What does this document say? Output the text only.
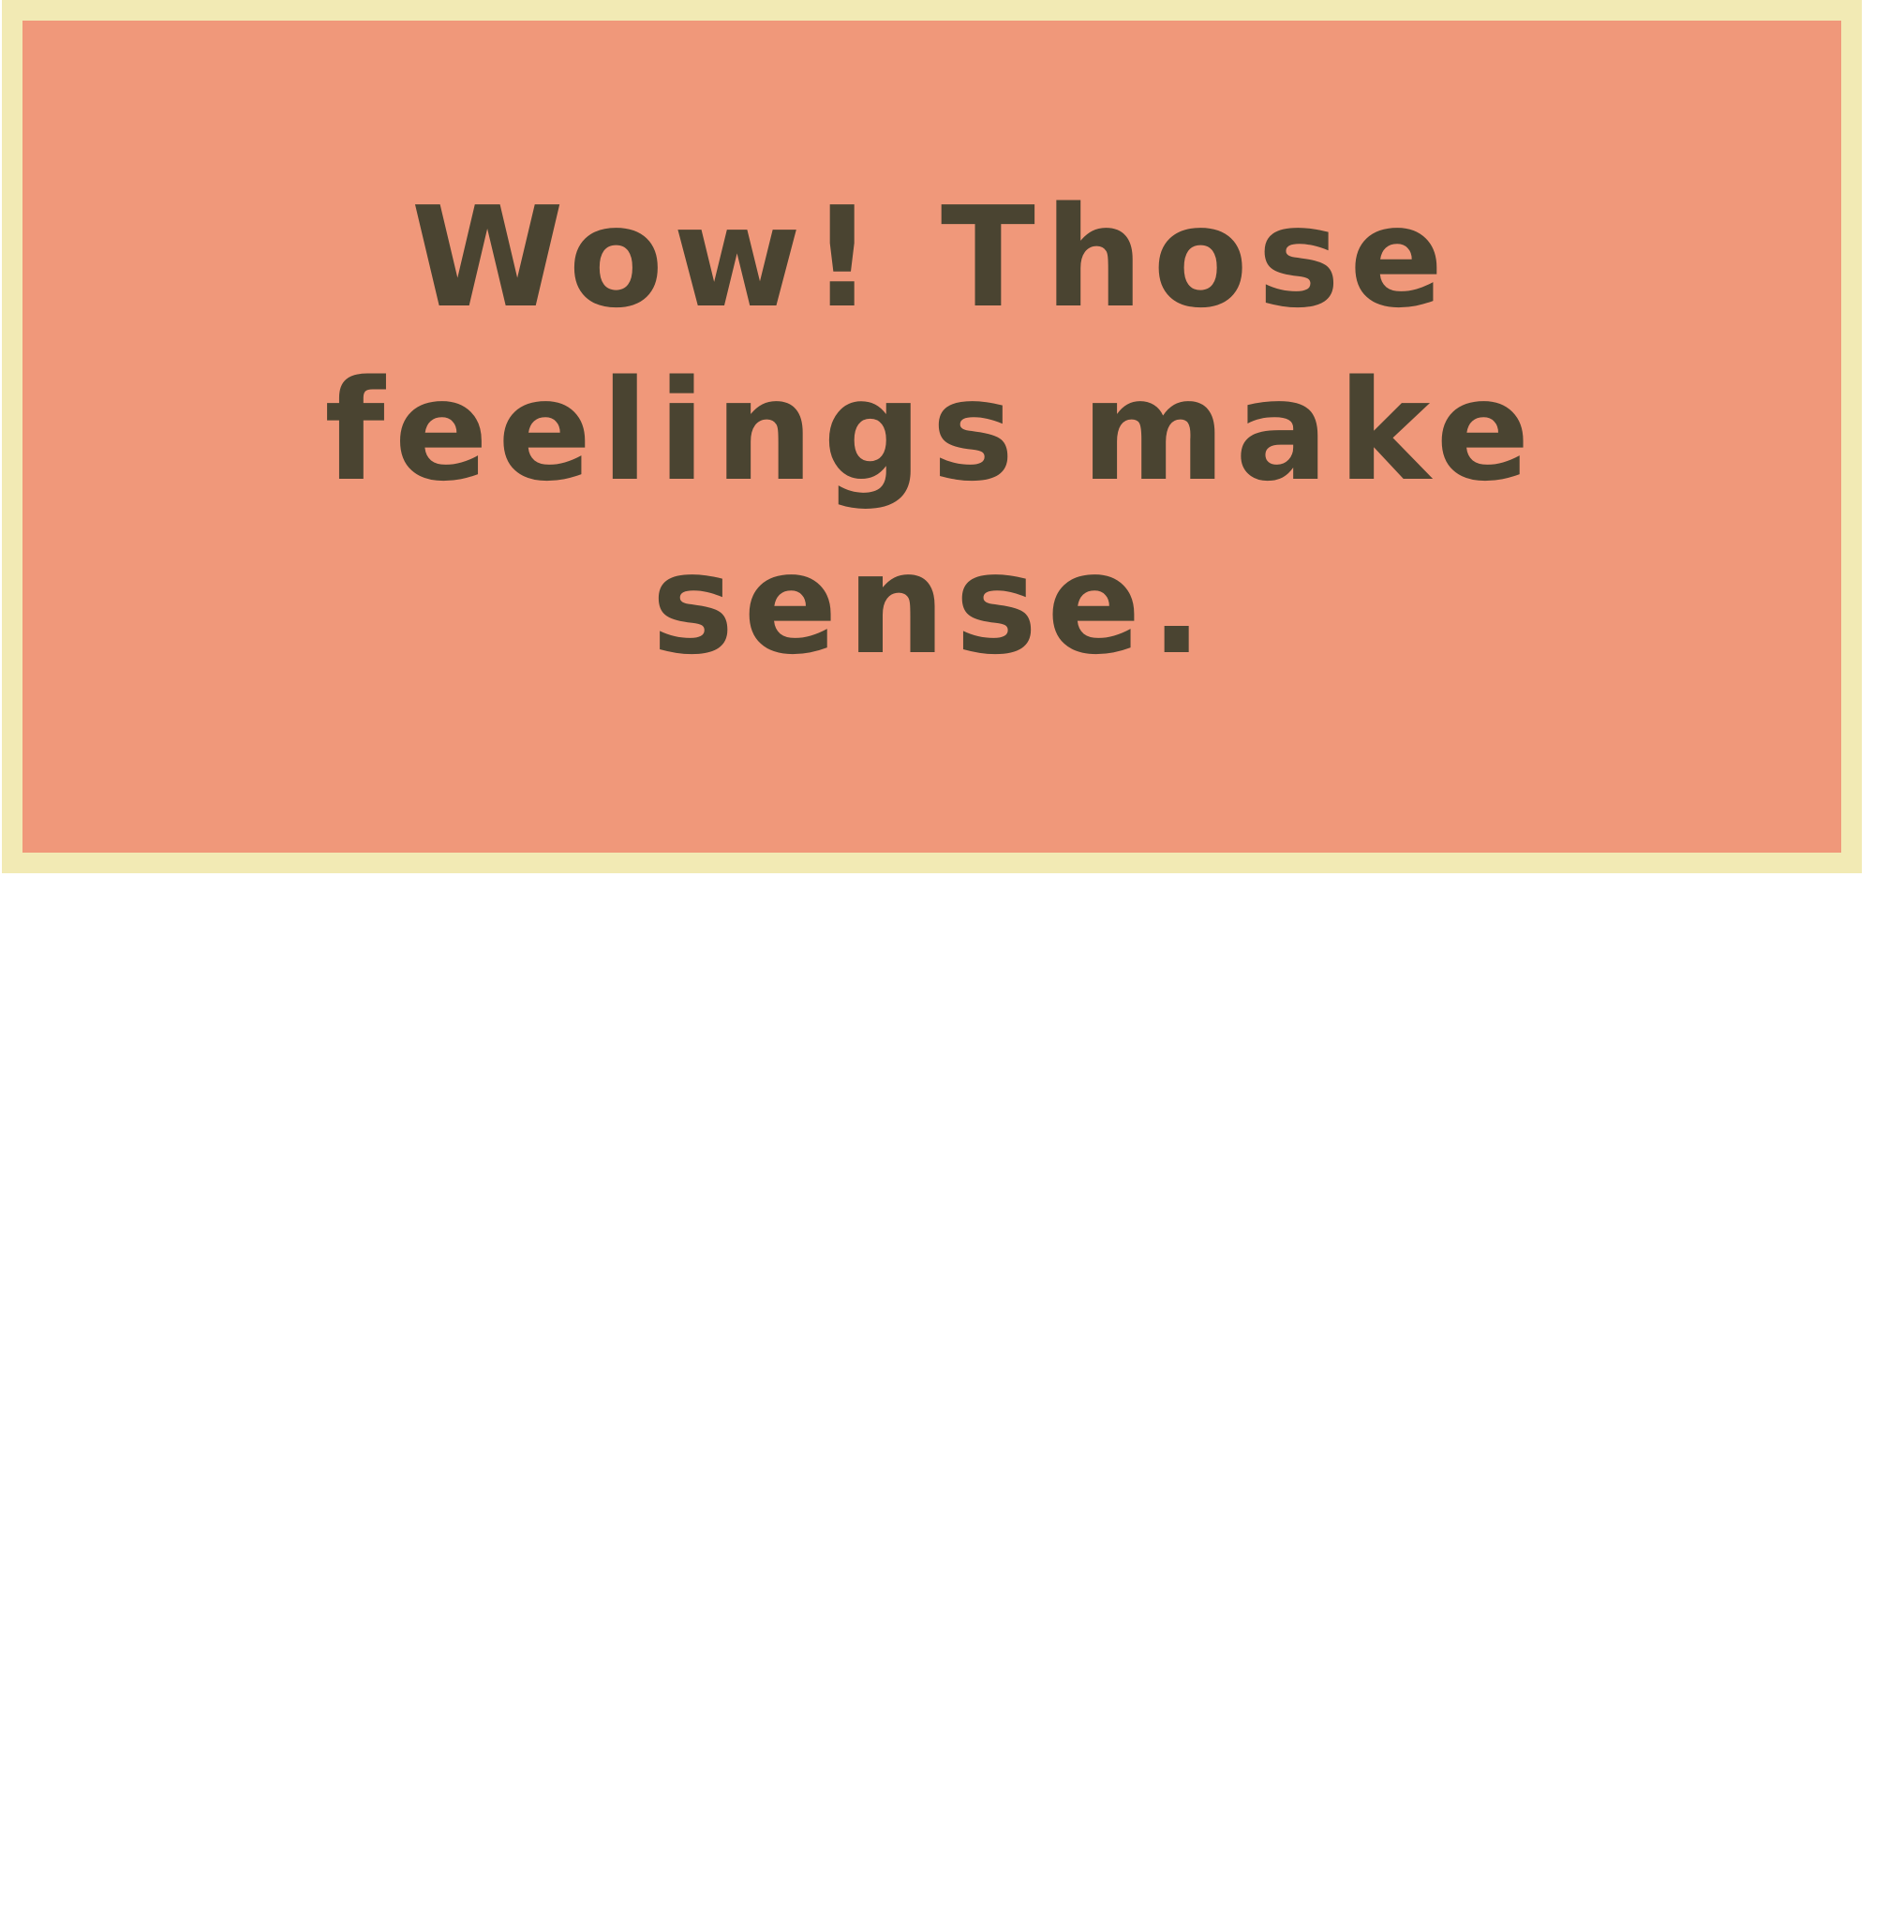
Wow! Those feelings make sense.
